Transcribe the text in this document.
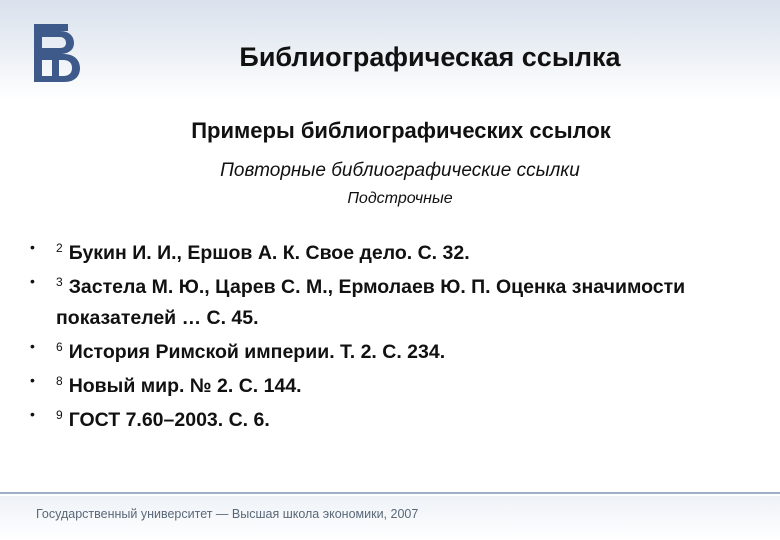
Библиографическая ссылка
Примеры библиографических ссылок
Повторные библиографические ссылки
Подстрочные
• $^2$ Букин И. И., Ершов А. К. Свое дело. С. 32.
• $^3$ Застела М. Ю., Царев С. М., Ермолаев Ю. П. Оценка значимости показателей … С. 45.
• $^6$ История Римской империи. Т. 2. С. 234.
• $^8$ Новый мир. № 2. С. 144.
• $^9$ ГОСТ 7.60–2003. С. 6.
Государственный университет — Высшая школа экономики, 2007
